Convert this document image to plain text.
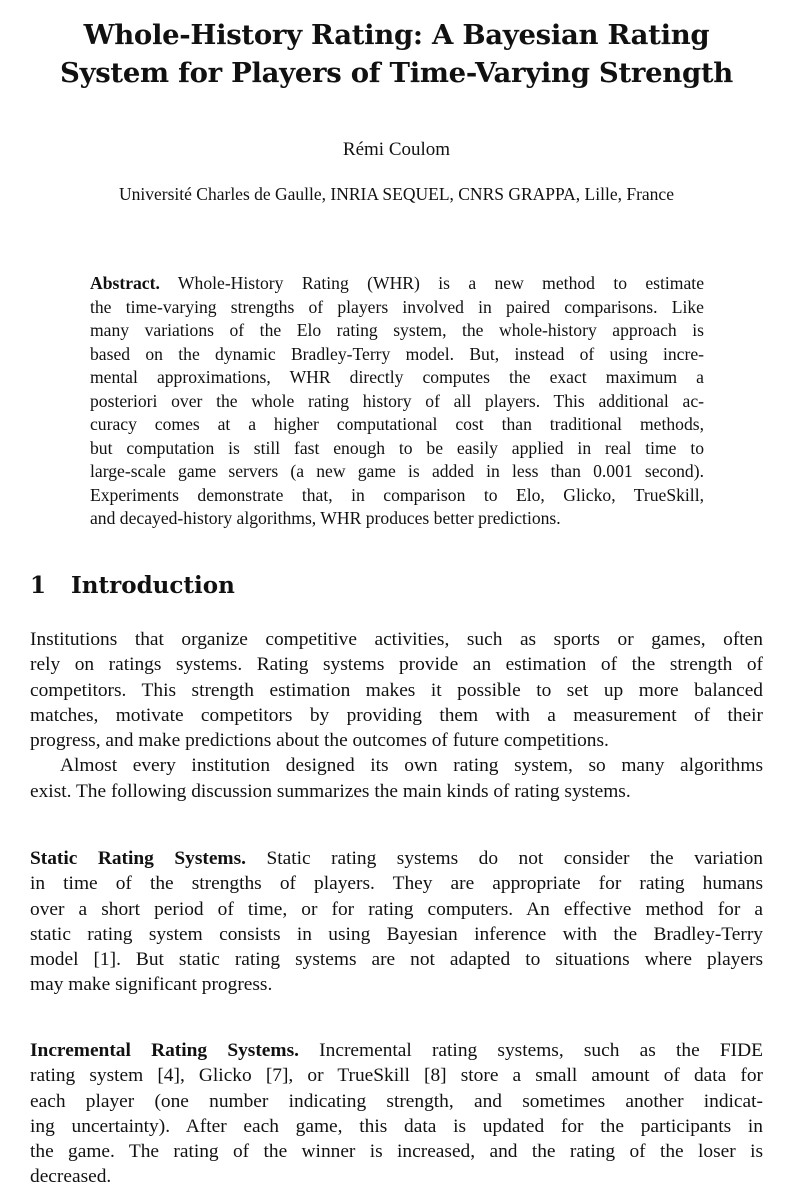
Whole-History Rating: A Bayesian Rating
System for Players of Time-Varying Strength
Rémi Coulom
Université Charles de Gaulle, INRIA SEQUEL, CNRS GRAPPA, Lille, France
Abstract. Whole-History Rating (WHR) is a new method to estimate
the time-varying strengths of players involved in paired comparisons. Like
many variations of the Elo rating system, the whole-history approach is
based on the dynamic Bradley-Terry model. But, instead of using incre-
mental approximations, WHR directly computes the exact maximum a
posteriori over the whole rating history of all players. This additional ac-
curacy comes at a higher computational cost than traditional methods,
but computation is still fast enough to be easily applied in real time to
large-scale game servers (a new game is added in less than 0.001 second).
Experiments demonstrate that, in comparison to Elo, Glicko, TrueSkill,
and decayed-history algorithms, WHR produces better predictions.
1 Introduction
Institutions that organize competitive activities, such as sports or games, often
rely on ratings systems. Rating systems provide an estimation of the strength of
competitors. This strength estimation makes it possible to set up more balanced
matches, motivate competitors by providing them with a measurement of their
progress, and make predictions about the outcomes of future competitions.
Almost every institution designed its own rating system, so many algorithms
exist. The following discussion summarizes the main kinds of rating systems.
Static Rating Systems. Static rating systems do not consider the variation
in time of the strengths of players. They are appropriate for rating humans
over a short period of time, or for rating computers. An effective method for a
static rating system consists in using Bayesian inference with the Bradley-Terry
model [1]. But static rating systems are not adapted to situations where players
may make significant progress.
Incremental Rating Systems. Incremental rating systems, such as the FIDE
rating system [4], Glicko [7], or TrueSkill [8] store a small amount of data for
each player (one number indicating strength, and sometimes another indicat-
ing uncertainty). After each game, this data is updated for the participants in
the game. The rating of the winner is increased, and the rating of the loser is
decreased.
